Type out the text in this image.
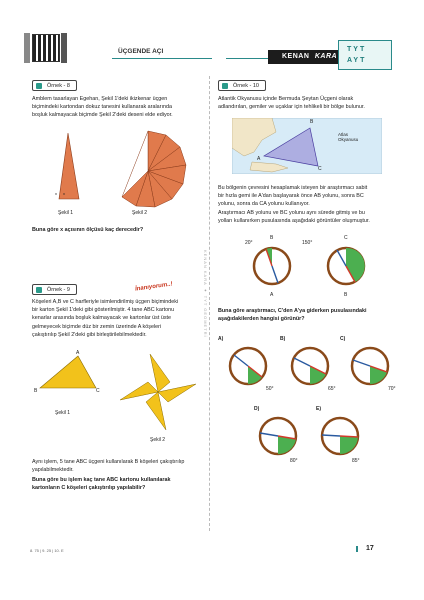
ÜÇGENDE AÇI
KENAN KARA
TYT
AYT
KENAN KARA ● TYT GEOMETRİ
Örnek - 8
Amblem tasarlayan Egehan, Şekil 1'deki ikizkenar üçgen
biçimindeki kartondan dokuz tanesini kullanarak aralarında
boşluk kalmayacak biçimde Şekil 2'deki deseni elde ediyor.
x x
Şekil 1	Şekil 2
Buna göre x açısının ölçüsü kaç derecedir?
Örnek - 9	İnanıyorum..!
Köşeleri A,B ve C harfleriyle isimlendirilmiş üçgen biçimindeki
bir karton Şekil 1'deki gibi gösterilmiştir. 4 tane ABC kartonu
kenarlar arasında boşluk kalmayacak ve kartonlar üst üste
gelmeyecek biçimde düz bir zemin üzerinde A köşeleri
çakıştırılıp Şekil 2'deki gibi birleştirilebilmektedir.
A
B	C
Şekil 1
Şekil 2
Aynı işlem, 5 tane ABC üçgeni kullanılarak B köşeleri çakıştırılıp
yapılabilmektedir.
Buna göre bu işlem kaç tane ABC kartonu kullanılarak
kartonların C köşeleri çakıştırılıp yapılabilir?
Örnek - 10
Atlantik Okyanusu içinde Bermuda Şeytan Üçgeni olarak
adlandırılan, gemiler ve uçaklar için tehlikeli bir bölge bulunur.
B
A
C
Atlas
Okyanusu
Bu bölgenin çevresini hesaplamak isteyen bir araştırmacı sabit
bir hızla gemi ile A'dan başlayarak önce AB yolunu, sonra BC
yolunu, sonra da CA yolunu kullanıyor.
Araştırmacı AB yolunu ve BC yolunu aynı sürede gitmiş ve bu
yolları kullanırken pusulasında aşağıdaki görüntüler oluşmuştur.
20°
B
A
150°
C
B
Buna göre araştırmacı, C'den A'ya giderken pusulasındaki
aşağıdakilerden hangisi görünür?
A)
50°
B)
65°
C)
70°
D)
80°
E)
85°
8. 75 | 9. 25 | 10. E	17
